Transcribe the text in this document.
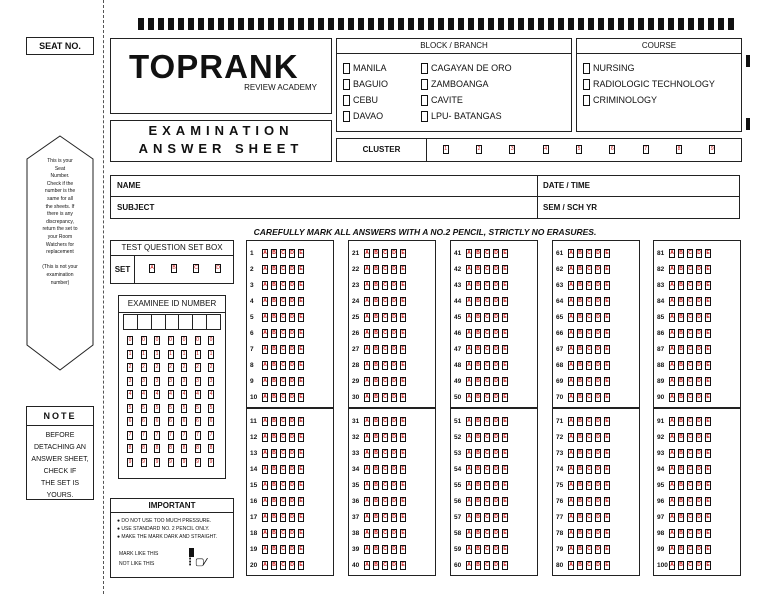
SEAT NO.
This is your
Seat
Number.
Check if the
number is the
same for all
the sheets. If
there is any
discrepancy,
return the set to
your Room
Watchers for
replacement

(This is not your
examination
number)
NOTE
BEFORE
DETACHING AN
ANSWER SHEET,
CHECK IF
THE SET IS
YOURS.
TOPRANK
REVIEW ACADEMY
EXAMINATION
ANSWER SHEET
BLOCK / BRANCH
MANILA
BAGUIO
CEBU
DAVAO
CAGAYAN DE ORO
ZAMBOANGA
CAVITE
LPU- BATANGAS
COURSE
NURSING
RADIOLOGIC TECHNOLOGY
CRIMINOLOGY
CLUSTER	1	2	3	4	5	6	7	8	9
NAME	DATE / TIME
SUBJECT	SEM / SCH YR
CAREFULLY MARK ALL ANSWERS WITH A NO.2 PENCIL, STRICTLY NO ERASURES.
TEST QUESTION SET BOX
SET	A	B	C	D
EXAMINEE ID NUMBER
0	0	0	0	0	0	0
1	1	1	1	1	1	1
2	2	2	2	2	2	2
3	3	3	3	3	3	3
4	4	4	4	4	4	4
5	5	5	5	5	5	5
6	6	6	6	6	6	6
7	7	7	7	7	7	7
8	8	8	8	8	8	8
9	9	9	9	9	9	9
IMPORTANT
● DO NOT USE TOO MUCH PRESSURE.
● USE STANDARD NO. 2 PENCIL ONLY.
● MAKE THE MARK DARK AND STRAIGHT.
MARK LIKE THIS
NOT LIKE THIS	⋮▢∕
1	A B C D E
2	A B C D E
3	A B C D E
4	A B C D E
5	A B C D E
6	A B C D E
7	A B C D E
8	A B C D E
9	A B C D E
10	A B C D E
11	A B C D E
12	A B C D E
13	A B C D E
14	A B C D E
15	A B C D E
16	A B C D E
17	A B C D E
18	A B C D E
19	A B C D E
20	A B C D E
21	A B C D E
22	A B C D E
23	A B C D E
24	A B C D E
25	A B C D E
26	A B C D E
27	A B C D E
28	A B C D E
29	A B C D E
30	A B C D E
31	A B C D E
32	A B C D E
33	A B C D E
34	A B C D E
35	A B C D E
36	A B C D E
37	A B C D E
38	A B C D E
39	A B C D E
40	A B C D E
41	A B C D E
42	A B C D E
43	A B C D E
44	A B C D E
45	A B C D E
46	A B C D E
47	A B C D E
48	A B C D E
49	A B C D E
50	A B C D E
51	A B C D E
52	A B C D E
53	A B C D E
54	A B C D E
55	A B C D E
56	A B C D E
57	A B C D E
58	A B C D E
59	A B C D E
60	A B C D E
61	A B C D E
62	A B C D E
63	A B C D E
64	A B C D E
65	A B C D E
66	A B C D E
67	A B C D E
68	A B C D E
69	A B C D E
70	A B C D E
71	A B C D E
72	A B C D E
73	A B C D E
74	A B C D E
75	A B C D E
76	A B C D E
77	A B C D E
78	A B C D E
79	A B C D E
80	A B C D E
81	A B C D E
82	A B C D E
83	A B C D E
84	A B C D E
85	A B C D E
86	A B C D E
87	A B C D E
88	A B C D E
89	A B C D E
90	A B C D E
91	A B C D E
92	A B C D E
93	A B C D E
94	A B C D E
95	A B C D E
96	A B C D E
97	A B C D E
98	A B C D E
99	A B C D E
100 A B C D E
